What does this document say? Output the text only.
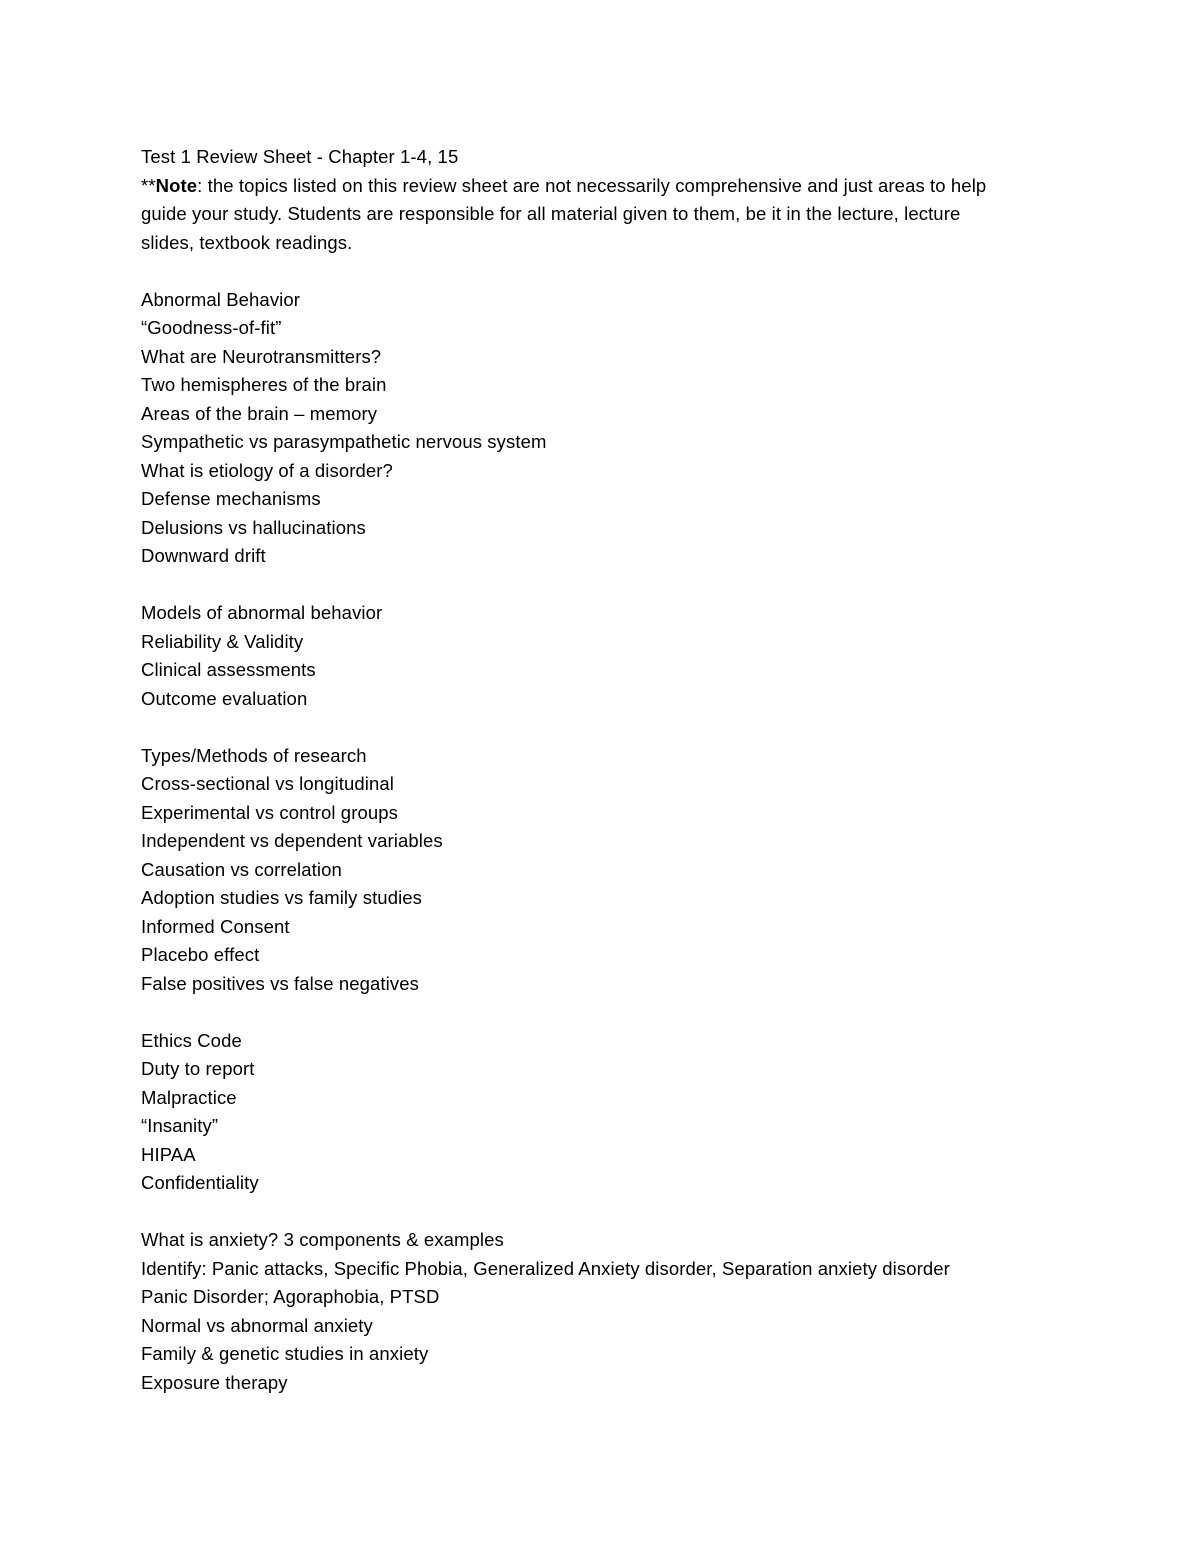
Test 1 Review Sheet - Chapter 1-4, 15
**Note: the topics listed on this review sheet are not necessarily comprehensive and just areas to help
guide your study. Students are responsible for all material given to them, be it in the lecture, lecture
slides, textbook readings.
Abnormal Behavior
“Goodness-of-fit”
What are Neurotransmitters?
Two hemispheres of the brain
Areas of the brain – memory
Sympathetic vs parasympathetic nervous system
What is etiology of a disorder?
Defense mechanisms
Delusions vs hallucinations
Downward drift
Models of abnormal behavior
Reliability & Validity
Clinical assessments
Outcome evaluation
Types/Methods of research
Cross-sectional vs longitudinal
Experimental vs control groups
Independent vs dependent variables
Causation vs correlation
Adoption studies vs family studies
Informed Consent
Placebo effect
False positives vs false negatives
Ethics Code
Duty to report
Malpractice
“Insanity”
HIPAA
Confidentiality
What is anxiety? 3 components & examples
Identify: Panic attacks, Specific Phobia, Generalized Anxiety disorder, Separation anxiety disorder
Panic Disorder; Agoraphobia, PTSD
Normal vs abnormal anxiety
Family & genetic studies in anxiety
Exposure therapy
